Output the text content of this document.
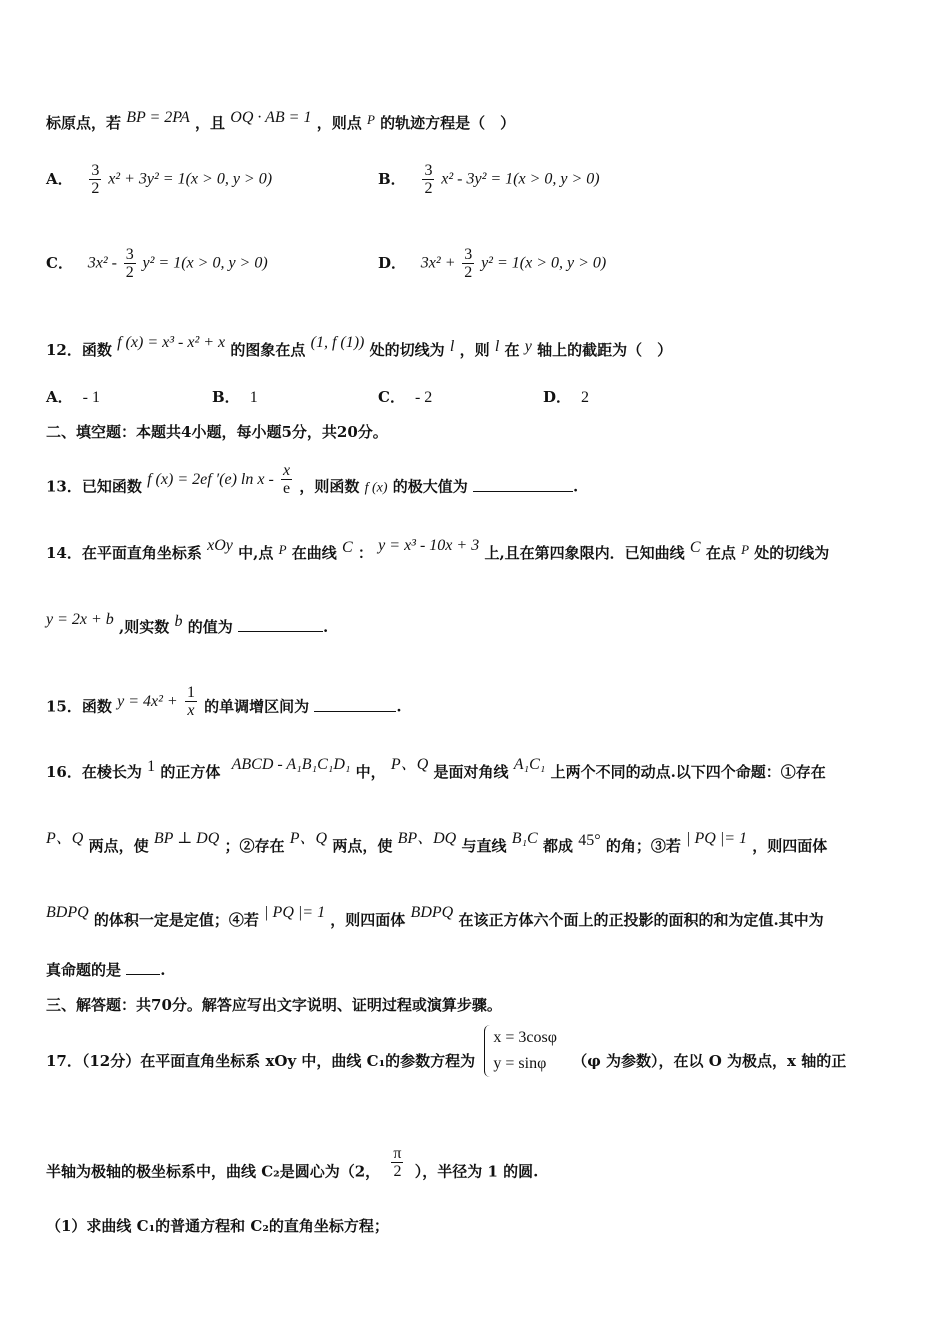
标原点，若 BP = 2PA ，且 OQ · AB = 1 ，则点 P 的轨迹方程是（　）
A． $\frac{3}{2} x^2 + 3y^2 = 1(x > 0$, y > 0)	B． $\frac{3}{2} x^2 - 3y^2 = 1(x > 0$, y > 0)
C． $3x^2 - \frac{3}{2} y^2 = 1(x > 0$, y > 0)	D． $3x^2 + \frac{3}{2} y^2 = 1(x > 0$, y > 0)
12．函数 f (x) = x³ - x² + x 的图象在点 (1, f (1)) 处的切线为 l ，则 l 在 y 轴上的截距为（　）
A． - 1	B． 1	C． - 2	D． 2
二、填空题：本题共4小题，每小题5分，共20分。
13．已知函数 f (x) = 2ef ′(e) ln x - $\frac{x}{e}$ ，则函数 f (x) 的极大值为	.
14．在平面直角坐标系 xOy 中,点 P 在曲线 C ： y = x³ - 10x + 3 上,且在第四象限内．已知曲线 C 在点 P 处的切线为
y = 2x + b ,则实数 b 的值为	.
15．函数 $y = 4x^2 + \frac{1}{x}$ 的单调增区间为	.
16．在棱长为 1 的正方体 ABCD - A₁B₁C₁D₁ 中， P、Q 是面对角线 A₁C₁ 上两个不同的动点.以下四个命题：①存在
P、Q 两点，使 BP ⊥ DQ ；②存在 P、Q 两点，使 BP、DQ 与直线 B₁C 都成 45° 的角；③若 | PQ |= 1 ，则四面体
BDPQ 的体积一定是定值；④若 | PQ |= 1 ，则四面体 BDPQ 在该正方体六个面上的正投影的面积的和为定值.其中为
真命题的是	.
三、解答题：共70分。解答应写出文字说明、证明过程或演算步骤。
17．（12分）在平面直角坐标系 xOy 中，曲线 C₁的参数方程为
x = 3cosφ
y = sinφ	（φ 为参数），在以 O 为极点，x 轴的正
半轴为极轴的极坐标系中，曲线 C₂是圆心为（2， $\frac{\pi}{2}$ ），半径为 1 的圆.
（1）求曲线 C₁的普通方程和 C₂的直角坐标方程；
